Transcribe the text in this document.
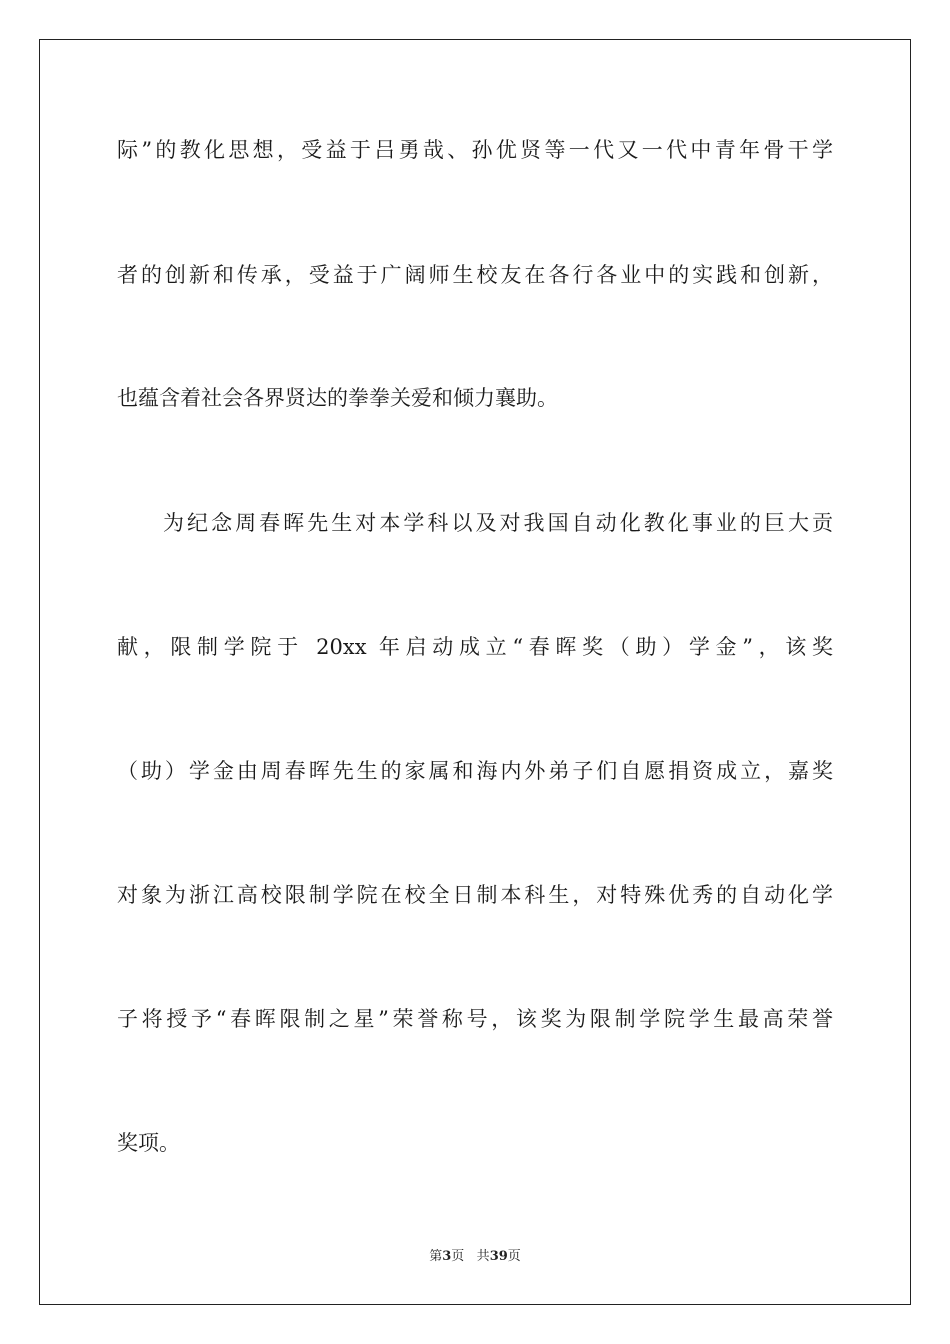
际”的教化思想，受益于吕勇哉、孙优贤等一代又一代中青年骨干学
者的创新和传承，受益于广阔师生校友在各行各业中的实践和创新，
也蕴含着社会各界贤达的拳拳关爱和倾力襄助。
为纪念周春晖先生对本学科以及对我国自动化教化事业的巨大贡
献，限制学院于 20xx 年启动成立“春晖奖（助）学金”，该奖
（助）学金由周春晖先生的家属和海内外弟子们自愿捐资成立，嘉奖
对象为浙江高校限制学院在校全日制本科生，对特殊优秀的自动化学
子将授予“春晖限制之星”荣誉称号，该奖为限制学院学生最高荣誉
奖项。
第3页 共39页
